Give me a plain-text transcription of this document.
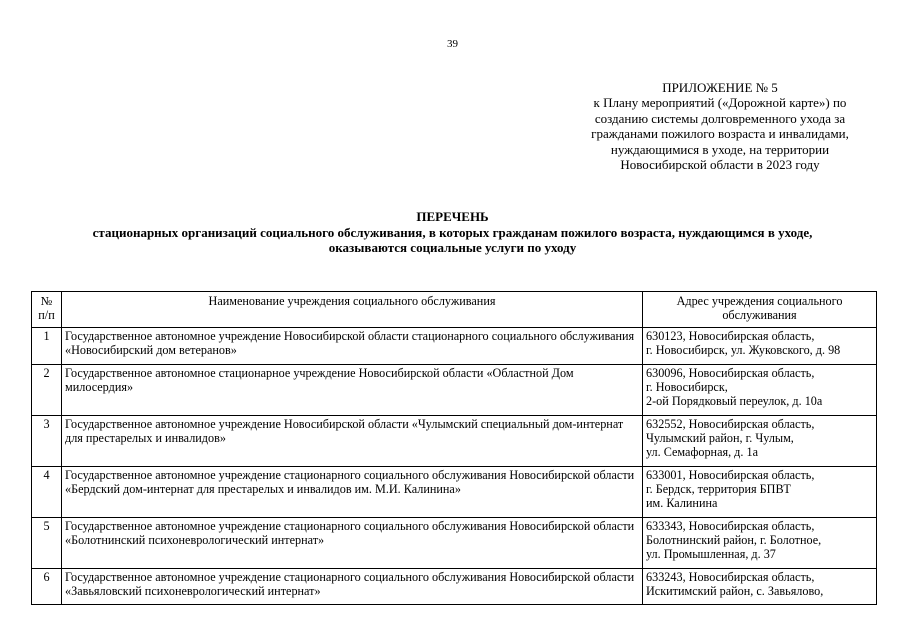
39
ПРИЛОЖЕНИЕ № 5
к Плану мероприятий («Дорожной карте») по
созданию системы долговременного ухода за
гражданами пожилого возраста и инвалидами,
нуждающимися в уходе, на территории
Новосибирской области в 2023 году
ПЕРЕЧЕНЬ
стационарных организаций социального обслуживания, в которых гражданам пожилого возраста, нуждающимся в уходе,
оказываются социальные услуги по уходу
№
п/п	Наименование учреждения социального обслуживания	Адрес учреждения социального обслуживания
1	Государственное автономное учреждение Новосибирской области стационарного социального обслуживания «Новосибирский дом ветеранов»	630123, Новосибирская область,
г. Новосибирск, ул. Жуковского, д. 98

2	Государственное автономное стационарное учреждение Новосибирской области «Областной Дом милосердия»	630096, Новосибирская область,
г. Новосибирск,
2-ой Порядковый переулок, д. 10а

3	Государственное автономное учреждение Новосибирской области «Чулымский специальный дом-интернат для престарелых и инвалидов»	632552, Новосибирская область,
Чулымский район, г. Чулым,
ул. Семафорная, д. 1а

4	Государственное автономное учреждение стационарного социального обслуживания Новосибирской области «Бердский дом-интернат для престарелых и инвалидов им. М.И. Калинина»	633001, Новосибирская область,
г. Бердск, территория БПВТ
им. Калинина

5	Государственное автономное учреждение стационарного социального обслуживания Новосибирской области «Болотнинский психоневрологический интернат»	633343, Новосибирская область,
Болотнинский район, г. Болотное,
ул. Промышленная, д. 37

6	Государственное автономное учреждение стационарного социального обслуживания Новосибирской области «Завьяловский психоневрологический интернат»	633243, Новосибирская область,
Искитимский район, с. Завьялово,
